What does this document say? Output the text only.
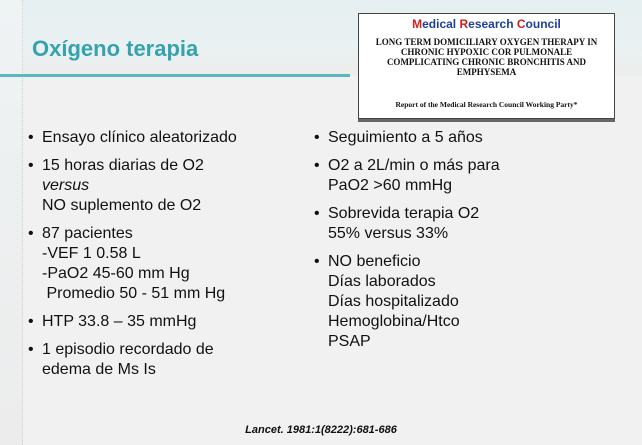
Oxígeno terapia
Medical Research Council
LONG TERM DOMICILIARY OXYGEN THERAPY IN CHRONIC HYPOXIC COR PULMONALE COMPLICATING CHRONIC BRONCHITIS AND EMPHYSEMA
Report of the Medical Research Council Working Party*
• Ensayo clínico aleatorizado
• 15 horas diarias de O2
versus
NO suplemento de O2
• 87 pacientes
-VEF 1 0.58 L
-PaO2 45-60 mm Hg
Promedio 50 - 51 mm Hg
• HTP 33.8 – 35 mmHg
• 1 episodio recordado de
edema de Ms Is
• Seguimiento a 5 años
• O2 a 2L/min o más para
PaO2 >60 mmHg
• Sobrevida terapia O2
55% versus 33%
• NO beneficio
Días laborados
Días hospitalizado
Hemoglobina/Htco
PSAP
Lancet. 1981:1(8222):681-686
